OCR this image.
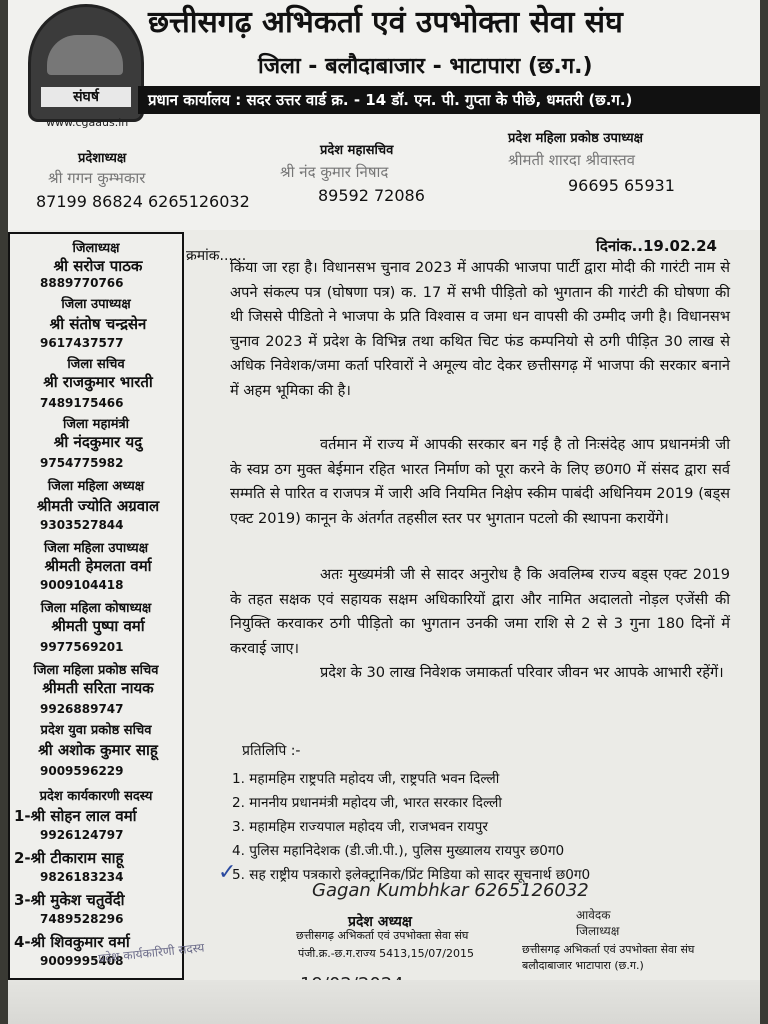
संघर्ष
www.cgaaus.in
छत्तीसगढ़ अभिकर्ता एवं उपभोक्ता सेवा संघ
जिला - बलौदाबाजार - भाटापारा (छ.ग.)
प्रधान कार्यालय : सदर उत्तर वार्ड क्र. - 14 डॉ. एन. पी. गुप्ता के पीछे, धमतरी (छ.ग.)
प्रदेशाध्यक्ष
श्री गगन कुम्भकार
87199 86824 6265126032
प्रदेश महासचिव
श्री नंद कुमार निषाद
89592 72086
प्रदेश महिला प्रकोष्ठ उपाध्यक्ष
श्रीमती शारदा श्रीवास्तव
96695 65931
जिलाध्यक्ष
श्री सरोज पाठक
8889770766
जिला उपाध्यक्ष
श्री संतोष चन्द्रसेन
9617437577
जिला सचिव
श्री राजकुमार भारती
7489175466
जिला महामंत्री
श्री नंदकुमार यदु
9754775982
जिला महिला अध्यक्ष
श्रीमती ज्योति अग्रवाल
9303527844
जिला महिला उपाध्यक्ष
श्रीमती हेमलता वर्मा
9009104418
जिला महिला कोषाध्यक्ष
श्रीमती पुष्पा वर्मा
9977569201
जिला महिला प्रकोष्ठ सचिव
श्रीमती सरिता नायक
9926889747
प्रदेश युवा प्रकोष्ठ सचिव
श्री अशोक कुमार साहू
9009596229
प्रदेश कार्यकारणी सदस्य
1-श्री सोहन लाल वर्मा
9926124797
2-श्री टीकाराम साहू
9826183234
3-श्री मुकेश चतुर्वेदी
7489528296
4-श्री शिवकुमार वर्मा
9009995408
क्रमांक......
दिनांक..19.02.24

किया जा रहा है। विधानसभ चुनाव 2023 में आपकी भाजपा पार्टी द्वारा मोदी की गारंटी नाम से अपने संकल्प पत्र (घोषणा पत्र) क. 17 में सभी पीड़ितो को भुगतान की गारंटी की घोषणा की थी जिससे पीडितो ने भाजपा के प्रति विश्वास व जमा धन वापसी की उम्मीद जगी है। विधानसभ चुनाव 2023 में प्रदेश के विभिन्न तथा कथित चिट फंड कम्पनियो से ठगी पीड़ित 30 लाख से अधिक निवेशक/जमा कर्ता परिवारों ने अमूल्य वोट देकर छत्तीसगढ़ में भाजपा की सरकार बनाने में अहम भूमिका की है।

वर्तमान में राज्य में आपकी सरकार बन गई है तो निःसंदेह आप प्रधानमंत्री जी के स्वप्न ठग मुक्त बेईमान रहित भारत निर्माण को पूरा करने के लिए छ0ग0 में संसद द्वारा सर्व सम्मति से पारित व राजपत्र में जारी अवि नियमित निक्षेप स्कीम पाबंदी अधिनियम 2019 (बड्स एक्ट 2019) कानून के अंतर्गत तहसील स्तर पर भुगतान पटलो की स्थापना करायेंगे।

अतः मुख्यमंत्री जी से सादर अनुरोध है कि अवलिम्ब राज्य बड्स एक्ट 2019 के तहत सक्षक एवं सहायक सक्षम अधिकारियों द्वारा और नामित अदालतो नोड़ल एजेंसी की नियुक्ति करवाकर ठगी पीड़ितो का भुगतान उनकी जमा राशि से 2 से 3 गुना 180 दिनों में करवाई जाए।

प्रदेश के 30 लाख निवेशक जमाकर्ता परिवार जीवन भर आपके आभारी रहेंगें।

प्रतिलिपि :-
1. महामहिम राष्ट्रपति महोदय जी, राष्ट्रपति भवन दिल्ली
2. माननीय प्रधानमंत्री महोदय जी, भारत सरकार दिल्ली
3. महामहिम राज्यपाल महोदय जी, राजभवन रायपुर
4. पुलिस महानिदेशक (डी.जी.पी.), पुलिस मुख्यालय रायपुर छ0ग0
5. सह राष्ट्रीय पत्रकारो इलेक्ट्रानिक/प्रिंट मिडिया को सादर सूचनार्थ छ0ग0
✓
Gagan Kumbhkar 6265126032
प्रदेश अध्यक्ष
छत्तीसगढ़ अभिकर्ता एवं उपभोक्ता सेवा संघ
पंजी.क्र.-छ.ग.राज्य 5413,15/07/2015
आवेदक
जिलाध्यक्ष
छत्तीसगढ़ अभिकर्ता एवं उपभोक्ता सेवा संघ
बलौदाबाजार भाटापारा (छ.ग.)
प्रदेश कार्यकारिणी सदस्य
